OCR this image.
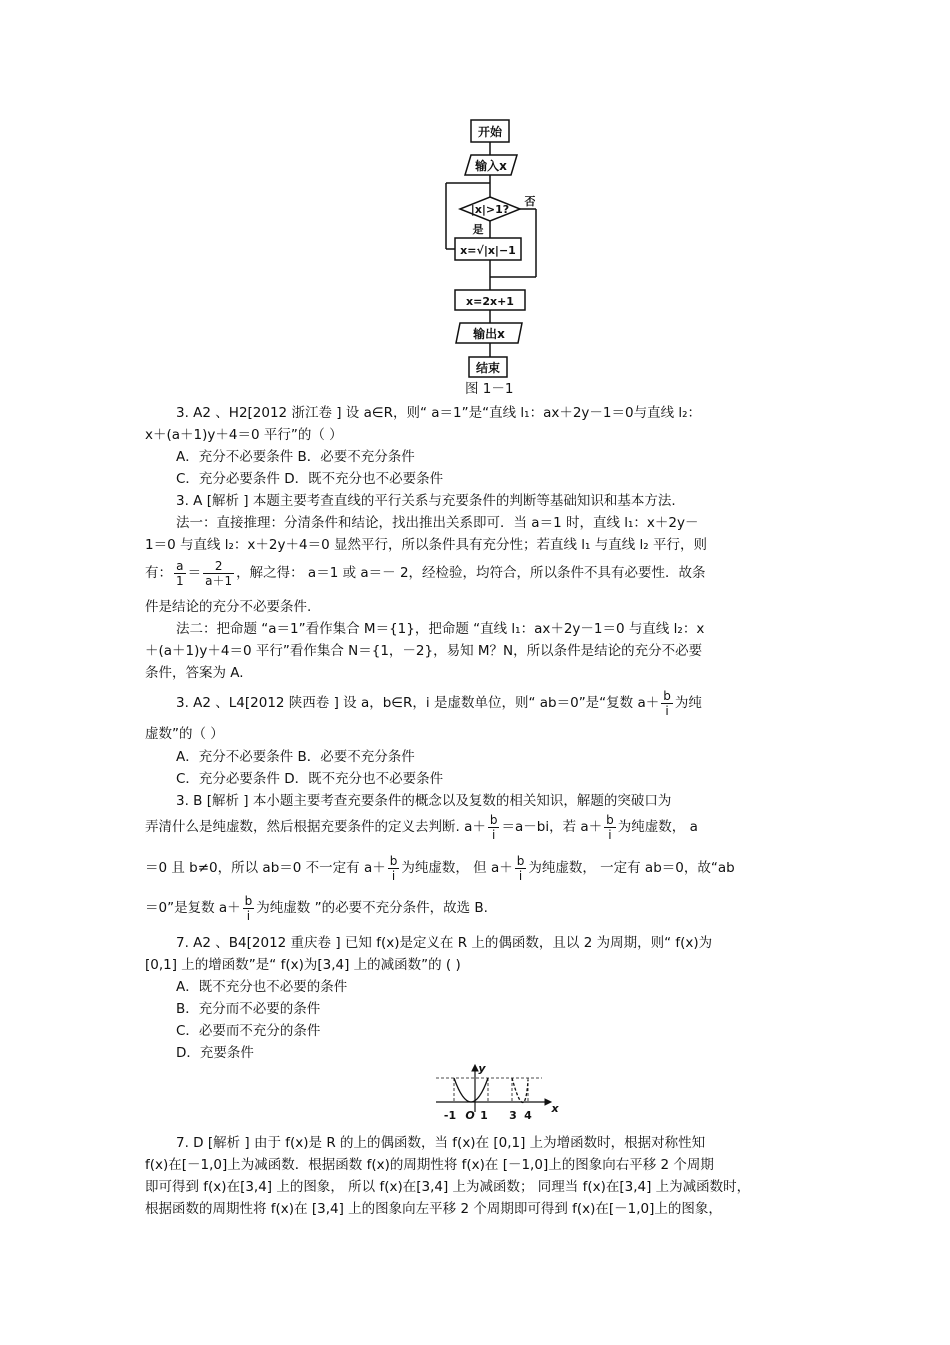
开始
输入x
|x|>1?
否
是
x=√|x|−1
x=2x+1
输出x
结束
图 1－1
3. A2 、H2[2012 浙江卷 ] 设 a∈R，则“ a＝1”是“直线 l₁：ax＋2y－1＝0与直线 l₂：
x＋(a＋1)y＋4＝0 平行”的（ ）
A．充分不必要条件 B．必要不充分条件
C．充分必要条件 D．既不充分也不必要条件
3. A [解析 ] 本题主要考查直线的平行关系与充要条件的判断等基础知识和基本方法.
法一：直接推理：分清条件和结论，找出推出关系即可．当 a＝1 时，直线 l₁：x＋2y－
1＝0 与直线 l₂：x＋2y＋4＝0 显然平行，所以条件具有充分性；若直线 l₁ 与直线 l₂ 平行，则
有： $\frac{a}{1} = \frac{2}{a+1}$ ，解之得： a＝1 或 a＝－ 2，经检验，均符合，所以条件不具有必要性．故条
件是结论的充分不必要条件.
法二：把命题 “a＝1”看作集合 M＝{1}，把命题 “直线 l₁：ax＋2y－1＝0 与直线 l₂：x
＋(a＋1)y＋4＝0 平行”看作集合 N＝{1，－2}，易知 M？N，所以条件是结论的充分不必要
条件，答案为 A.
3. A2 、L4[2012 陕西卷 ] 设 a，b∈R，i 是虚数单位，则“ ab＝0”是“复数 $a+ \frac{b}{i}$ 为纯
虚数”的（ ）
A．充分不必要条件 B．必要不充分条件
C．充分必要条件 D．既不充分也不必要条件
3. B [解析 ] 本小题主要考查充要条件的概念以及复数的相关知识，解题的突破口为
弄清什么是纯虚数，然后根据充要条件的定义去判断. $a+ \frac{b}{i} =a-bi$，若 $a+ \frac{b}{i}$ 为纯虚数， a
＝0 且 b≠0，所以 ab＝0 不一定有 $a+ \frac{b}{i}$ 为纯虚数， 但 $a+ \frac{b}{i}$ 为纯虚数， 一定有 ab＝0，故“ab
＝0”是复数 $a+ \frac{b}{i}$ 为纯虚数 ”的必要不充分条件，故选 B.
7. A2 、B4[2012 重庆卷 ] 已知 f(x)是定义在 R 上的偶函数，且以 2 为周期，则“ f(x)为
[0,1] 上的增函数”是“ f(x)为[3,4] 上的减函数”的 ( )
A．既不充分也不必要的条件
B．充分而不必要的条件
C．必要而不充分的条件
D．充要条件
y
x
-1 O 1 3 4
7. D [解析 ] 由于 f(x)是 R 的上的偶函数，当 f(x)在 [0,1] 上为增函数时，根据对称性知
f(x)在[－1,0]上为减函数．根据函数 f(x)的周期性将 f(x)在 [－1,0]上的图象向右平移 2 个周期
即可得到 f(x)在[3,4] 上的图象， 所以 f(x)在[3,4] 上为减函数； 同理当 f(x)在[3,4] 上为减函数时，
根据函数的周期性将 f(x)在 [3,4] 上的图象向左平移 2 个周期即可得到 f(x)在[－1,0]上的图象，
